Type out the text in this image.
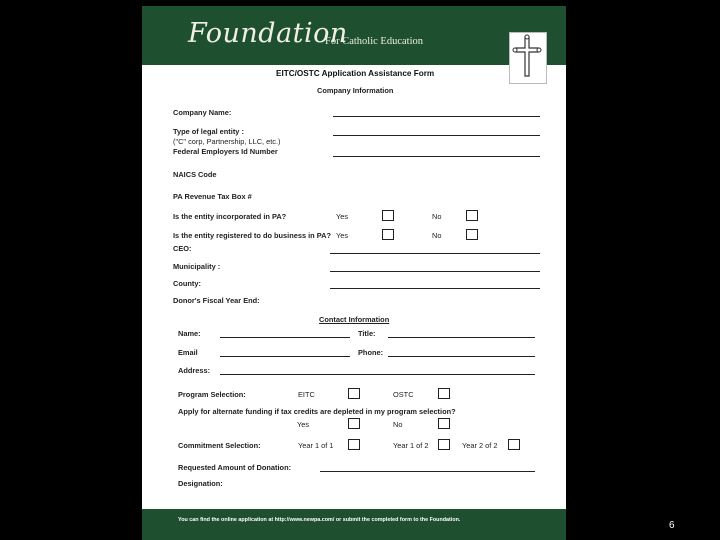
Foundation
For Catholic Education
EITC/OSTC Application Assistance Form
Company Information
Company Name:
Type of legal entity :
("C" corp, Partnership, LLC, etc.)
Federal Employers Id Number
NAICS Code
PA Revenue Tax Box #
Is the entity incorporated in PA?	Yes	No
Is the entity registered to do business in PA? Yes	No
CEO:
Municipality :
County:
Donor's Fiscal Year End:
Contact Information
Name:	Title:
Email	Phone:
Address:
Program Selection:	EITC	OSTC
Apply for alternate funding if tax credits are depleted in my program selection?
Yes	No
Commitment Selection:	Year 1 of 1	Year 1 of 2	Year 2 of 2
Requested Amount of Donation:
Designation:
You can find the online application at http://www.newpa.com/ or submit the completed form to the Foundation.	6
